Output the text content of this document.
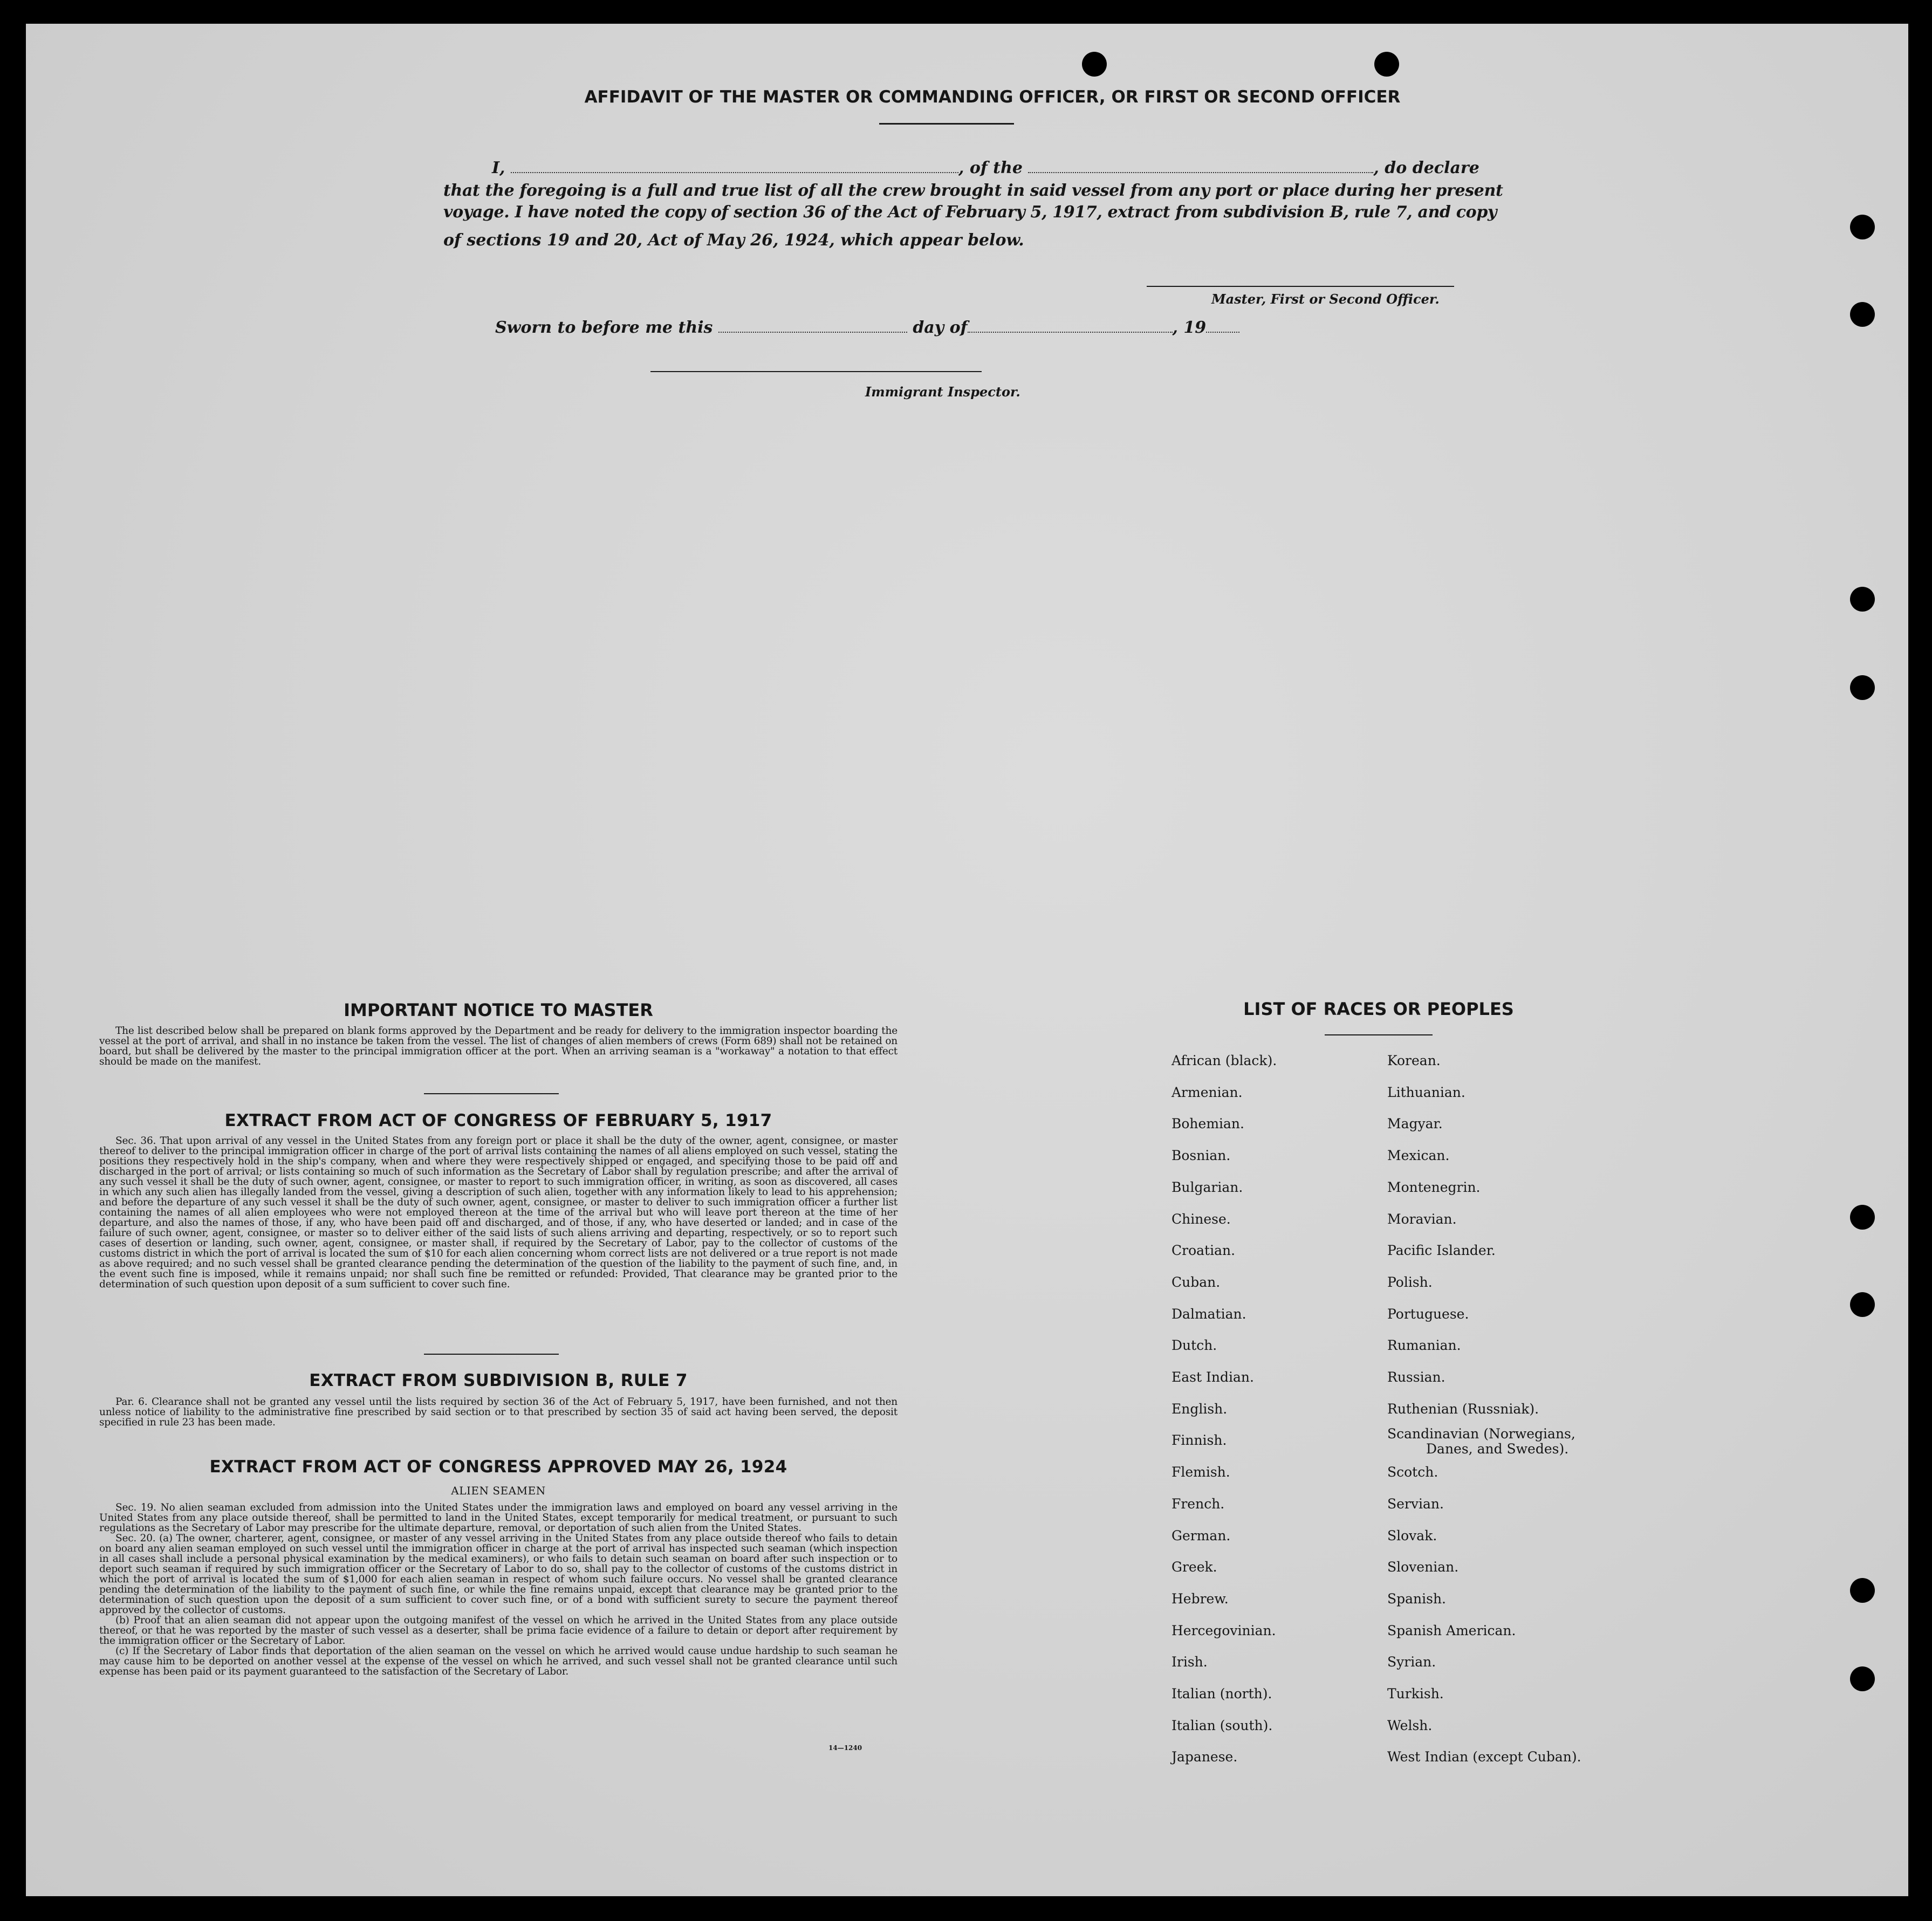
AFFIDAVIT OF THE MASTER OR COMMANDING OFFICER, OR FIRST OR SECOND OFFICER
I,	, of the	, do declare
that the foregoing is a full and true list of all the crew brought in said vessel from any port or place during her present
voyage. I have noted the copy of section 36 of the Act of February 5, 1917, extract from subdivision B, rule 7, and copy
of sections 19 and 20, Act of May 26, 1924, which appear below.
Master, First or Second Officer.
Sworn to before me this	day of	, 19
Immigrant Inspector.
IMPORTANT NOTICE TO MASTER
The list described below shall be prepared on blank forms approved by the Department and be ready for delivery to the immigration inspector boarding the vessel at the port of arrival, and shall in no instance be taken from the vessel. The list of changes of alien members of crews (Form 689) shall not be retained on board, but shall be delivered by the master to the principal immigration officer at the port. When an arriving seaman is a "workaway" a notation to that effect should be made on the manifest.
EXTRACT FROM ACT OF CONGRESS OF FEBRUARY 5, 1917
Sec. 36. That upon arrival of any vessel in the United States from any foreign port or place it shall be the duty of the owner, agent, consignee, or master thereof to deliver to the principal immigration officer in charge of the port of arrival lists containing the names of all aliens employed on such vessel, stating the positions they respectively hold in the ship's company, when and where they were respectively shipped or engaged, and specifying those to be paid off and discharged in the port of arrival; or lists containing so much of such information as the Secretary of Labor shall by regulation prescribe; and after the arrival of any such vessel it shall be the duty of such owner, agent, consignee, or master to report to such immigration officer, in writing, as soon as discovered, all cases in which any such alien has illegally landed from the vessel, giving a description of such alien, together with any information likely to lead to his apprehension; and before the departure of any such vessel it shall be the duty of such owner, agent, consignee, or master to deliver to such immigration officer a further list containing the names of all alien employees who were not employed thereon at the time of the arrival but who will leave port thereon at the time of her departure, and also the names of those, if any, who have been paid off and discharged, and of those, if any, who have deserted or landed; and in case of the failure of such owner, agent, consignee, or master so to deliver either of the said lists of such aliens arriving and departing, respectively, or so to report such cases of desertion or landing, such owner, agent, consignee, or master shall, if required by the Secretary of Labor, pay to the collector of customs of the customs district in which the port of arrival is located the sum of $10 for each alien concerning whom correct lists are not delivered or a true report is not made as above required; and no such vessel shall be granted clearance pending the determination of the question of the liability to the payment of such fine, and, in the event such fine is imposed, while it remains unpaid; nor shall such fine be remitted or refunded: Provided, That clearance may be granted prior to the determination of such question upon deposit of a sum sufficient to cover such fine.
EXTRACT FROM SUBDIVISION B, RULE 7
Par. 6. Clearance shall not be granted any vessel until the lists required by section 36 of the Act of February 5, 1917, have been furnished, and not then unless notice of liability to the administrative fine prescribed by said section or to that prescribed by section 35 of said act having been served, the deposit specified in rule 23 has been made.
EXTRACT FROM ACT OF CONGRESS APPROVED MAY 26, 1924
ALIEN SEAMEN
Sec. 19. No alien seaman excluded from admission into the United States under the immigration laws and employed on board any vessel arriving in the United States from any place outside thereof, shall be permitted to land in the United States, except temporarily for medical treatment, or pursuant to such regulations as the Secretary of Labor may prescribe for the ultimate departure, removal, or deportation of such alien from the United States.
Sec. 20. (a) The owner, charterer, agent, consignee, or master of any vessel arriving in the United States from any place outside thereof who fails to detain on board any alien seaman employed on such vessel until the immigration officer in charge at the port of arrival has inspected such seaman (which inspection in all cases shall include a personal physical examination by the medical examiners), or who fails to detain such seaman on board after such inspection or to deport such seaman if required by such immigration officer or the Secretary of Labor to do so, shall pay to the collector of customs of the customs district in which the port of arrival is located the sum of $1,000 for each alien seaman in respect of whom such failure occurs. No vessel shall be granted clearance pending the determination of the liability to the payment of such fine, or while the fine remains unpaid, except that clearance may be granted prior to the determination of such question upon the deposit of a sum sufficient to cover such fine, or of a bond with sufficient surety to secure the payment thereof approved by the collector of customs.
(b) Proof that an alien seaman did not appear upon the outgoing manifest of the vessel on which he arrived in the United States from any place outside thereof, or that he was reported by the master of such vessel as a deserter, shall be prima facie evidence of a failure to detain or deport after requirement by the immigration officer or the Secretary of Labor.
(c) If the Secretary of Labor finds that deportation of the alien seaman on the vessel on which he arrived would cause undue hardship to such seaman he may cause him to be deported on another vessel at the expense of the vessel on which he arrived, and such vessel shall not be granted clearance until such expense has been paid or its payment guaranteed to the satisfaction of the Secretary of Labor.
14—1240
LIST OF RACES OR PEOPLES
African (black).
Armenian.
Bohemian.
Bosnian.
Bulgarian.
Chinese.
Croatian.
Cuban.
Dalmatian.
Dutch.
East Indian.
English.
Finnish.
Flemish.
French.
German.
Greek.
Hebrew.
Hercegovinian.
Irish.
Italian (north).
Italian (south).
Japanese.
Korean.
Lithuanian.
Magyar.
Mexican.
Montenegrin.
Moravian.
Pacific Islander.
Polish.
Portuguese.
Rumanian.
Russian.
Ruthenian (Russniak).
Scandinavian (Norwegians,
Scotch.
Servian.
Slovak.
Slovenian.
Spanish.
Spanish American.
Syrian.
Turkish.
Welsh.
West Indian (except Cuban).
Danes, and Swedes).
